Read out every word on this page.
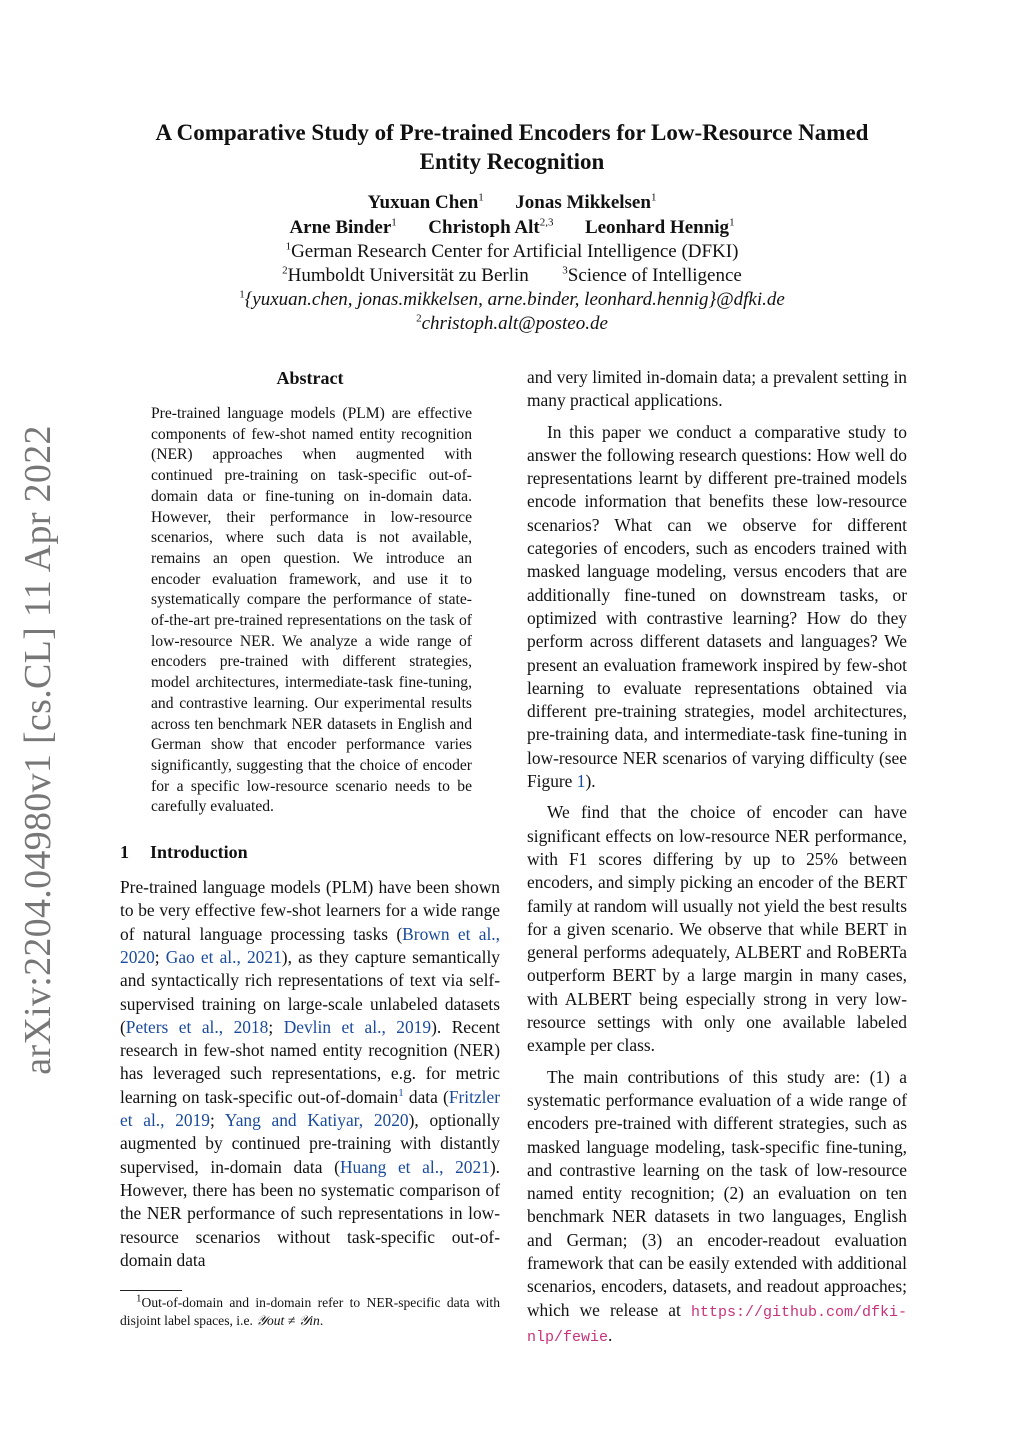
arXiv:2204.04980v1 [cs.CL] 11 Apr 2022
A Comparative Study of Pre-trained Encoders for Low-Resource Named
Entity Recognition
Yuxuan Chen$^1$ Jonas Mikkelsen$^1$
Arne Binder$^1$ Christoph Alt$^{2,3}$ Leonhard Hennig$^1$
$^1$German Research Center for Artificial Intelligence (DFKI)
$^2$Humboldt Universität zu Berlin	$^3$Science of Intelligence
$^1${yuxuan.chen, jonas.mikkelsen, arne.binder, leonhard.hennig}@dfki.de
$^2$christoph.alt@posteo.de
Abstract
Pre-trained language models (PLM) are effective components of few-shot named entity recognition (NER) approaches when augmented with continued pre-training on task-specific out-of-domain data or fine-tuning on in-domain data. However, their performance in low-resource scenarios, where such data is not available, remains an open question. We introduce an encoder evaluation framework, and use it to systematically compare the performance of state-of-the-art pre-trained representations on the task of low-resource NER. We analyze a wide range of encoders pre-trained with different strategies, model architectures, intermediate-task fine-tuning, and contrastive learning. Our experimental results across ten benchmark NER datasets in English and German show that encoder performance varies significantly, suggesting that the choice of encoder for a specific low-resource scenario needs to be carefully evaluated.
1 Introduction

Pre-trained language models (PLM) have been shown to be very effective few-shot learners for a wide range of natural language processing tasks (Brown et al., 2020; Gao et al., 2021), as they capture semantically and syntactically rich representations of text via self-supervised training on large-scale unlabeled datasets (Peters et al., 2018; Devlin et al., 2019). Recent research in few-shot named entity recognition (NER) has leveraged such representations, e.g. for metric learning on task-specific out-of-domain$^1$ data (Fritzler et al., 2019; Yang and Katiyar, 2020), optionally augmented by continued pre-training with distantly supervised, in-domain data (Huang et al., 2021). However, there has been no systematic comparison of the NER performance of such representations in low-resource scenarios without task-specific out-of-domain data

and very limited in-domain data; a prevalent setting in many practical applications.

In this paper we conduct a comparative study to answer the following research questions: How well do representations learnt by different pre-trained models encode information that benefits these low-resource scenarios? What can we observe for different categories of encoders, such as encoders trained with masked language modeling, versus encoders that are additionally fine-tuned on downstream tasks, or optimized with contrastive learning? How do they perform across different datasets and languages? We present an evaluation framework inspired by few-shot learning to evaluate representations obtained via different pre-training strategies, model architectures, pre-training data, and intermediate-task fine-tuning in low-resource NER scenarios of varying difficulty (see Figure 1).

We find that the choice of encoder can have significant effects on low-resource NER performance, with F1 scores differing by up to 25% between encoders, and simply picking an encoder of the BERT family at random will usually not yield the best results for a given scenario. We observe that while BERT in general performs adequately, ALBERT and RoBERTa outperform BERT by a large margin in many cases, with ALBERT being especially strong in very low-resource settings with only one available labeled example per class.

The main contributions of this study are: (1) a systematic performance evaluation of a wide range of encoders pre-trained with different strategies, such as masked language modeling, task-specific fine-tuning, and contrastive learning on the task of low-resource named entity recognition; (2) an evaluation on ten benchmark NER datasets in two languages, English and German; (3) an encoder-readout evaluation framework that can be easily extended with additional scenarios, encoders, datasets, and readout approaches; which we release at https://github.com/dfki-nlp/fewie.

$^1$Out-of-domain and in-domain refer to NER-specific data with disjoint label spaces, i.e. 𝒴out ≠ 𝒴in.
